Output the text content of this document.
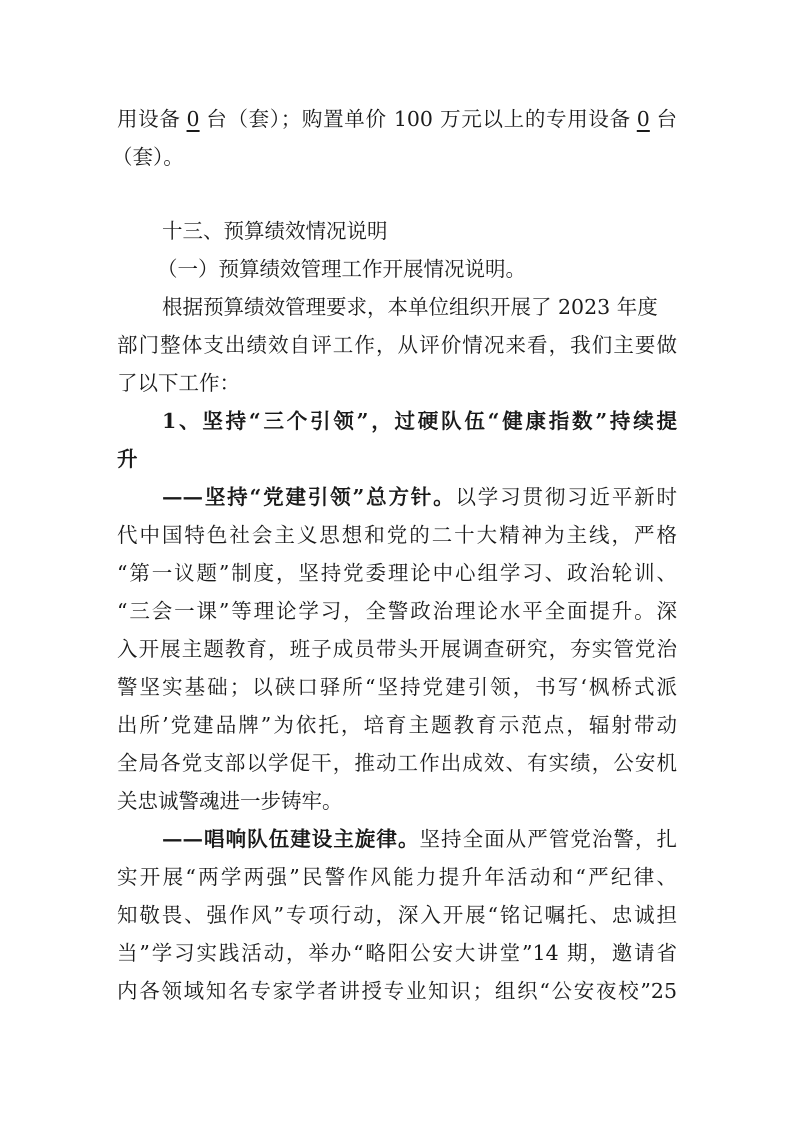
用设备 0 台（套）；购置单价 100 万元以上的专用设备 0 台
（套）。
十三、预算绩效情况说明
（一）预算绩效管理工作开展情况说明。
根据预算绩效管理要求，本单位组织开展了 2023 年度
部门整体支出绩效自评工作，从评价情况来看，我们主要做
了以下工作：
1、坚持“三个引领”，过硬队伍“健康指数”持续提
升
——坚持“党建引领”总方针。以学习贯彻习近平新时
代中国特色社会主义思想和党的二十大精神为主线，严格
“第一议题”制度，坚持党委理论中心组学习、政治轮训、
“三会一课”等理论学习，全警政治理论水平全面提升。深
入开展主题教育，班子成员带头开展调查研究，夯实管党治
警坚实基础；以硖口驿所“坚持党建引领，书写‘枫桥式派
出所’党建品牌”为依托，培育主题教育示范点，辐射带动
全局各党支部以学促干，推动工作出成效、有实绩，公安机
关忠诚警魂进一步铸牢。
——唱响队伍建设主旋律。坚持全面从严管党治警，扎
实开展“两学两强”民警作风能力提升年活动和“严纪律、
知敬畏、强作风”专项行动，深入开展“铭记嘱托、忠诚担
当”学习实践活动，举办“略阳公安大讲堂”14 期，邀请省
内各领域知名专家学者讲授专业知识；组织“公安夜校”25
